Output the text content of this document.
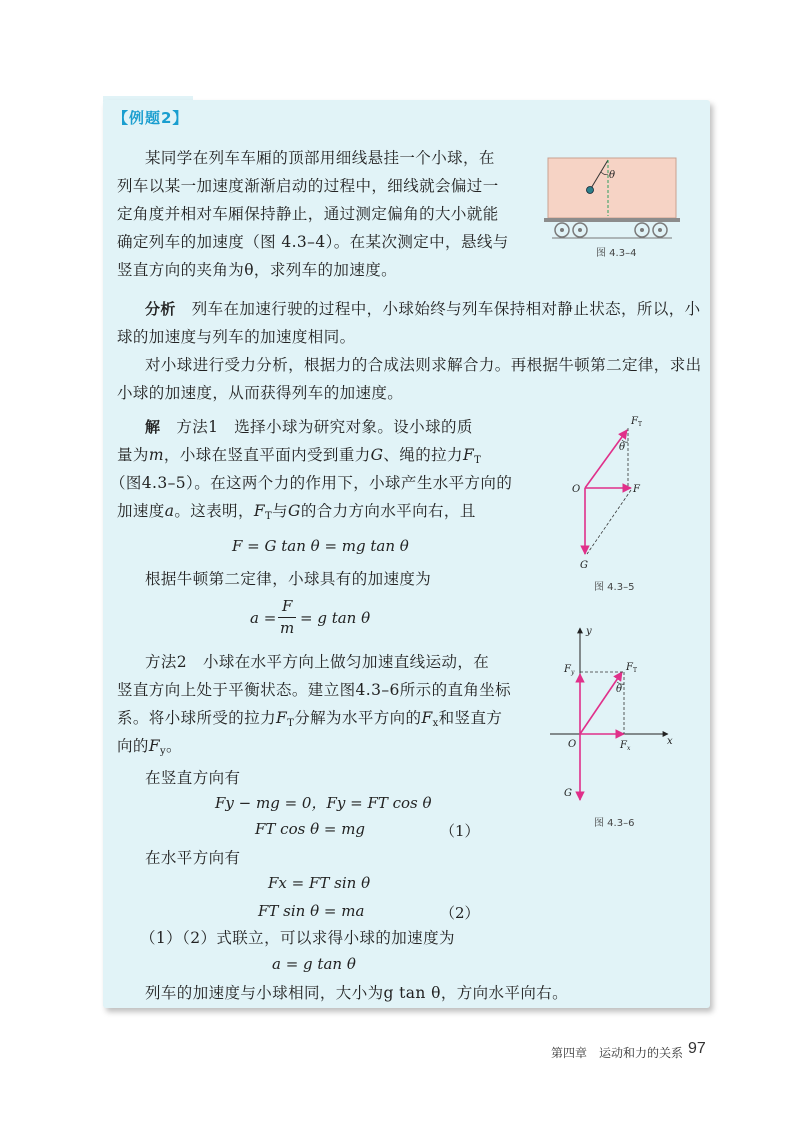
【例题2】
某同学在列车车厢的顶部用细线悬挂一个小球，在
列车以某一加速度渐渐启动的过程中，细线就会偏过一
定角度并相对车厢保持静止，通过测定偏角的大小就能
确定列车的加速度（图 4.3–4）。在某次测定中，悬线与
竖直方向的夹角为θ，求列车的加速度。
θ
图 4.3–4
分析　 列车在加速行驶的过程中，小球始终与列车保持相对静止状态，所以，小
球的加速度与列车的加速度相同。
对小球进行受力分析，根据力的合成法则求解合力。再根据牛顿第二定律，求出
小球的加速度，从而获得列车的加速度。
解　 方法1　选择小球为研究对象。设小球的质
量为m，小球在竖直平面内受到重力G、绳的拉力$F_T$
（图4.3–5）。在这两个力的作用下，小球产生水平方向的
加速度a。这表明，$F_T$与G的合力方向水平向右，且
F = G tan θ = mg tan θ
根据牛顿第二定律，小球具有的加速度为
a =
F
m
= g tan θ
方法2　小球在水平方向上做匀加速直线运动，在
竖直方向上处于平衡状态。建立图4.3–6所示的直角坐标
系。将小球所受的拉力$F_T$分解为水平方向的Fx和竖直方
向的Fy。
在竖直方向有
Fy − mg = 0，Fy = FT cos θ
FT cos θ = mg	（1）
在水平方向有
Fx = FT sin θ
FT sin θ = ma	（2）
（1）（2）式联立，可以求得小球的加速度为
a = g tan θ
列车的加速度与小球相同，大小为g tan θ，方向水平向右。
θ
$F_T$
F
O
G
图 4.3–5
θ
$F_T$
$F_y$
$F_x$
x
y
O
G
图 4.3–6
第四章　运动和力的关系 97
